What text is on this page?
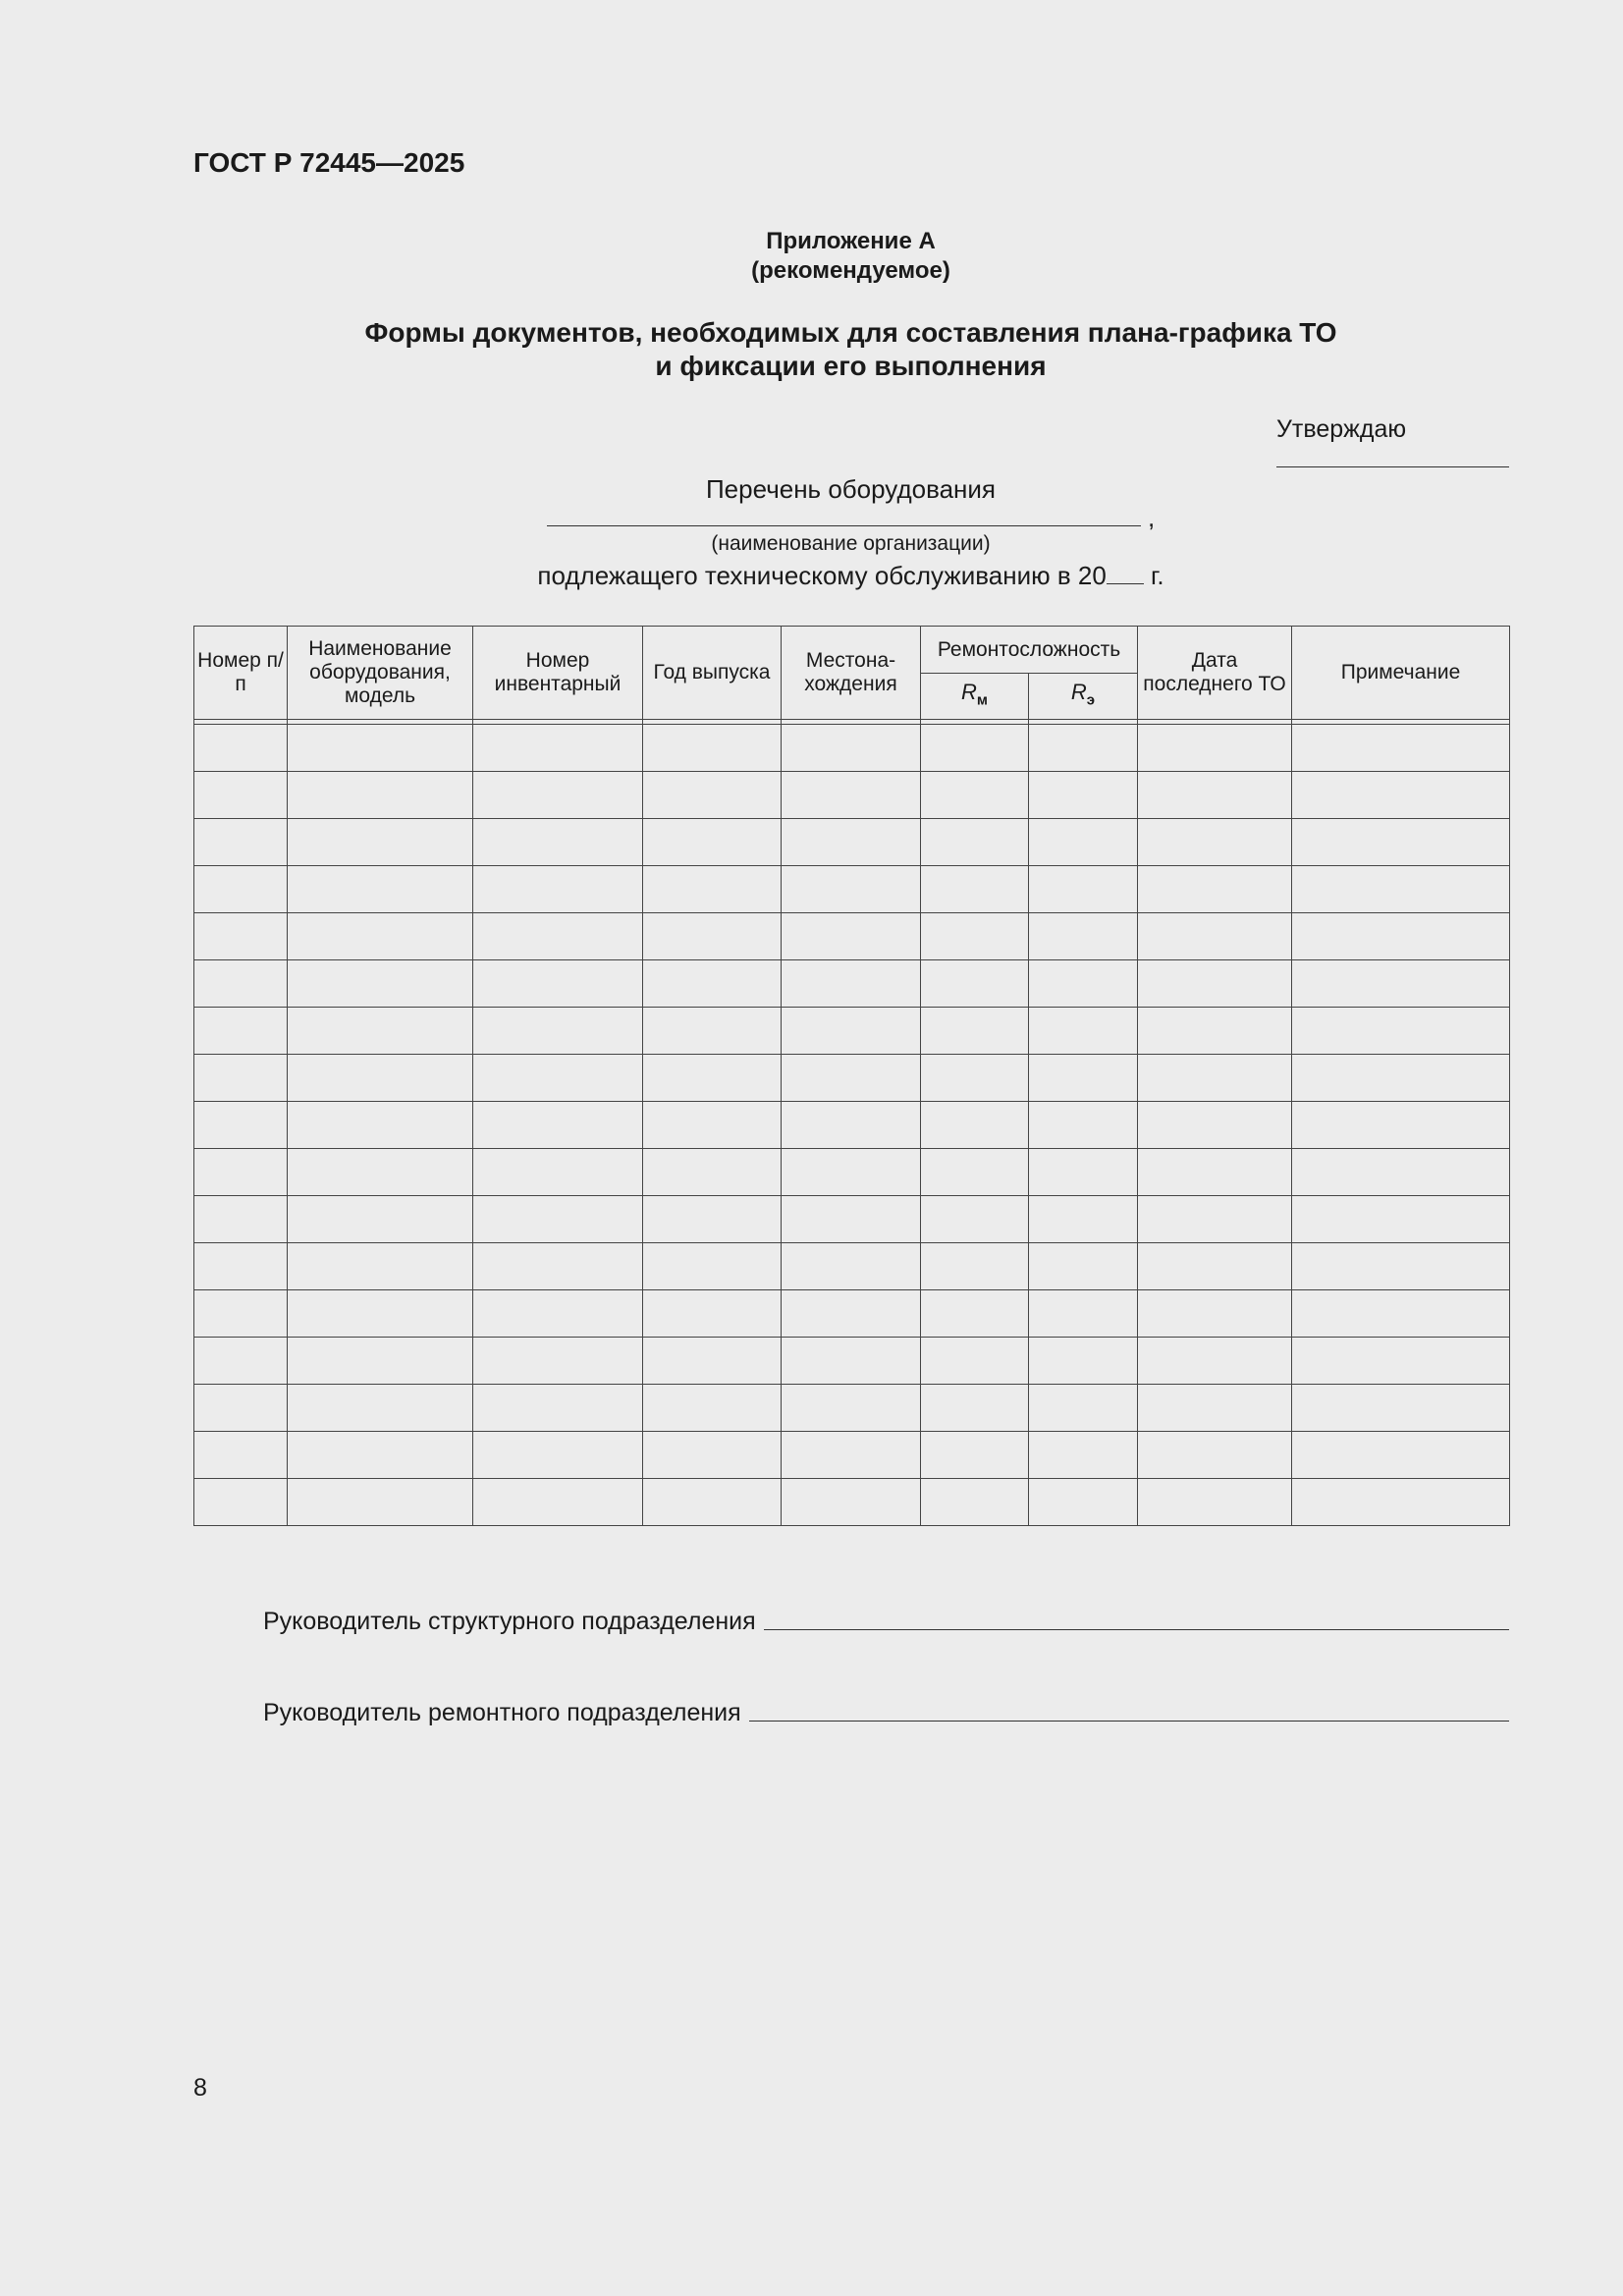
ГОСТ Р 72445—2025
Приложение А
(рекомендуемое)
Формы документов, необходимых для составления плана-графика ТО
и фиксации его выполнения
Утверждаю
Перечень оборудования
,
(наименование организации)
подлежащего техническому обслуживанию в 20 г.
Номер п/п	Наименование оборудования, модель	Номер инвентарный	Год выпуска	Местона-хождения	Ремонтосложность		Дата последнего ТО	Примечание
					$R_м$	$R_э$

Руководитель структурного подразделения
Руководитель ремонтного подразделения
8
